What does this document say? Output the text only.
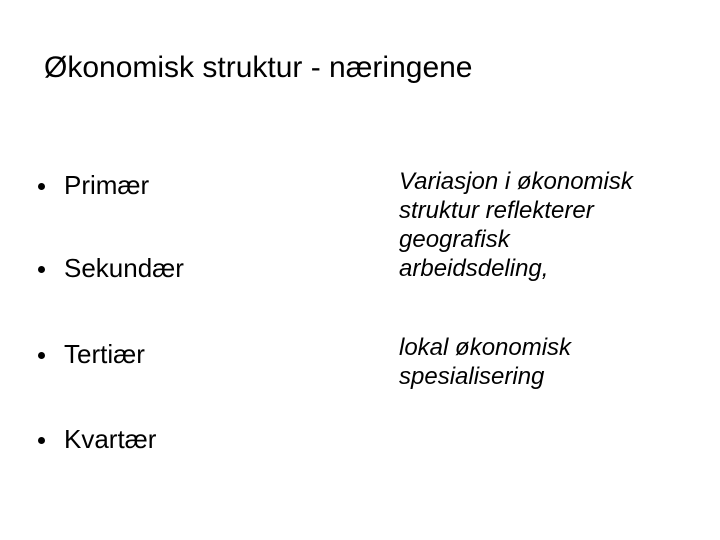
Økonomisk struktur - næringene
Primær
Sekundær
Tertiær
Kvartær
Variasjon i økonomisk
struktur reflekterer
geografisk
arbeidsdeling,
lokal økonomisk
spesialisering
